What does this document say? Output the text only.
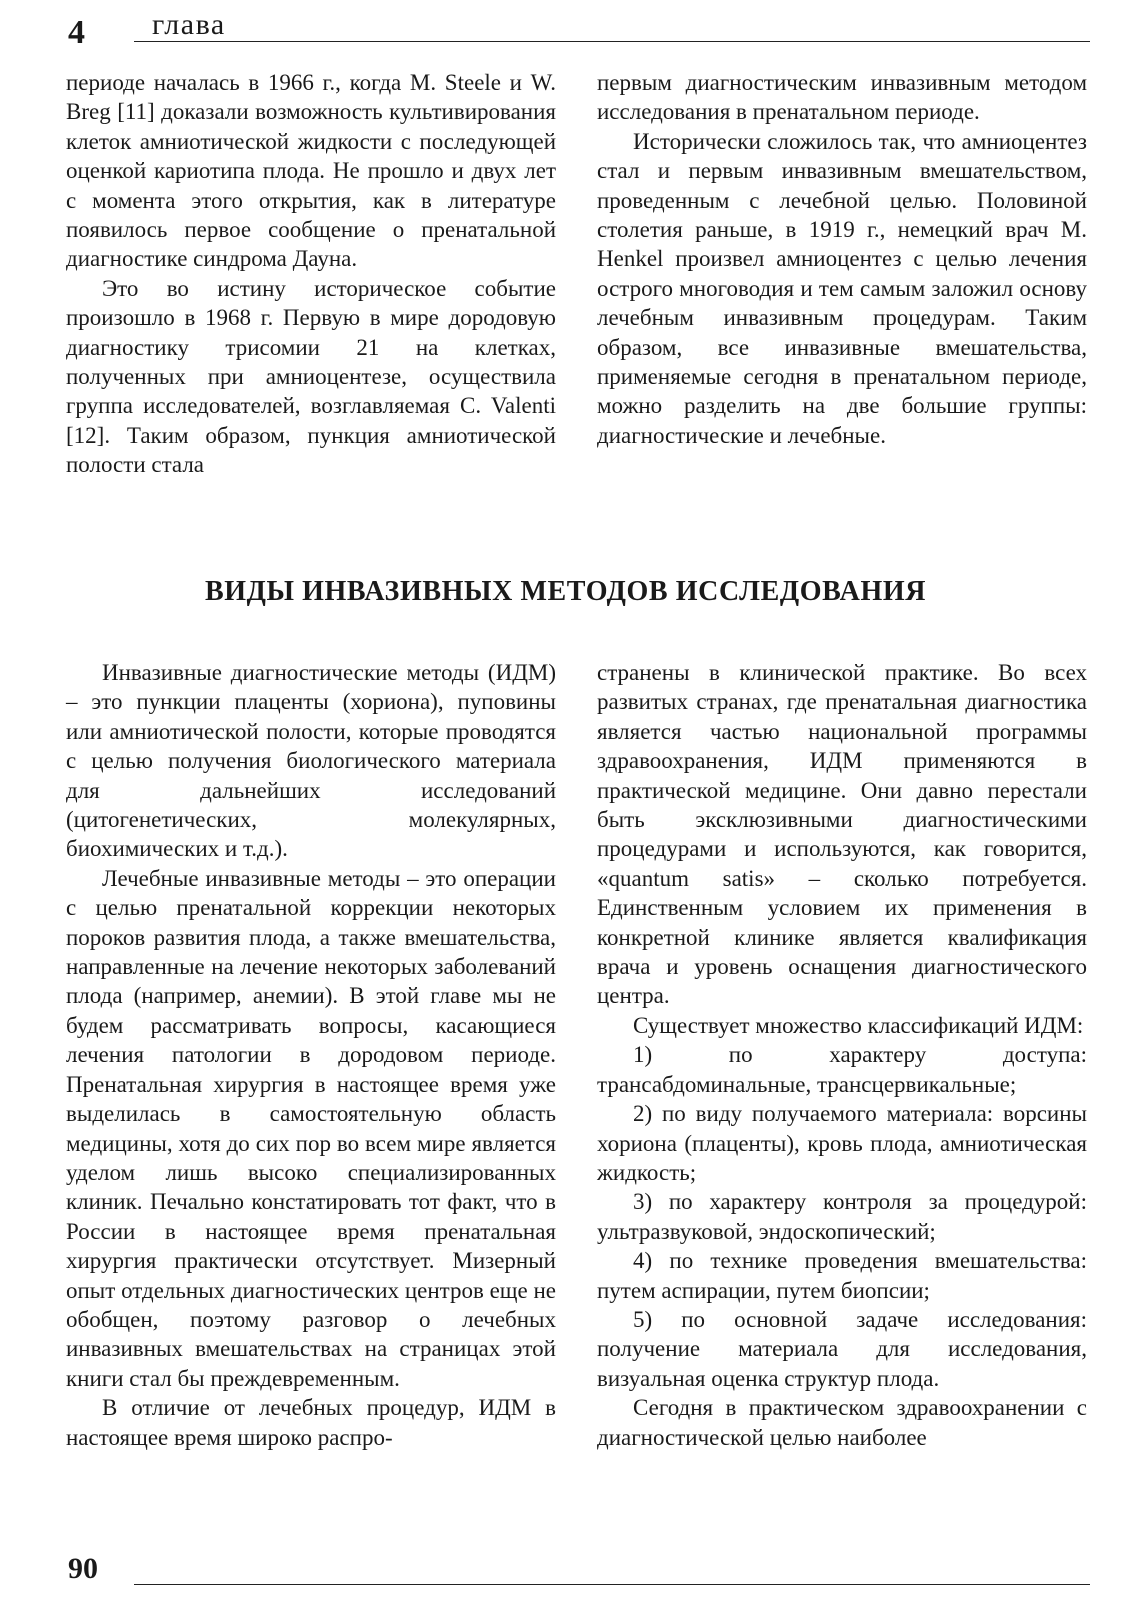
4 глава

периоде началась в 1966 г., когда M. Steele и W. Breg [11] доказали возможность культивирования клеток амниотической жидкости с последующей оценкой кариотипа плода. Не прошло и двух лет с момента этого открытия, как в литературе появилось первое сообщение о пренатальной диагностике синдрома Дауна.

Это во истину историческое событие произошло в 1968 г. Первую в мире дородовую диагностику трисомии 21 на клетках, полученных при амниоцентезе, осуществила группа исследователей, возглавляемая C. Valenti [12]. Таким образом, пункция амниотической полости стала

первым диагностическим инвазивным методом исследования в пренатальном периоде.

Исторически сложилось так, что амниоцентез стал и первым инвазивным вмешательством, проведенным с лечебной целью. Половиной столетия раньше, в 1919 г., немецкий врач M. Henkel произвел амниоцентез с целью лечения острого многоводия и тем самым заложил основу лечебным инвазивным процедурам. Таким образом, все инвазивные вмешательства, применяемые сегодня в пренатальном периоде, можно разделить на две большие группы: диагностические и лечебные.

ВИДЫ ИНВАЗИВНЫХ МЕТОДОВ ИССЛЕДОВАНИЯ

Инвазивные диагностические методы (ИДМ) – это пункции плаценты (хориона), пуповины или амниотической полости, которые проводятся с целью получения биологического материала для дальнейших исследований (цитогенетических, молекулярных, биохимических и т.д.).

Лечебные инвазивные методы – это операции с целью пренатальной коррекции некоторых пороков развития плода, а также вмешательства, направленные на лечение некоторых заболеваний плода (например, анемии). В этой главе мы не будем рассматривать вопросы, касающиеся лечения патологии в дородовом периоде. Пренатальная хирургия в настоящее время уже выделилась в самостоятельную область медицины, хотя до сих пор во всем мире является уделом лишь высоко специализированных клиник. Печально констатировать тот факт, что в России в настоящее время пренатальная хирургия практически отсутствует. Мизерный опыт отдельных диагностических центров еще не обобщен, поэтому разговор о лечебных инвазивных вмешательствах на страницах этой книги стал бы преждевременным.

В отличие от лечебных процедур, ИДМ в настоящее время широко распро-

странены в клинической практике. Во всех развитых странах, где пренатальная диагностика является частью национальной программы здравоохранения, ИДМ применяются в практической медицине. Они давно перестали быть эксклюзивными диагностическими процедурами и используются, как говорится, «quantum satis» – сколько потребуется. Единственным условием их применения в конкретной клинике является квалификация врача и уровень оснащения диагностического центра.

Существует множество классификаций ИДМ:

1) по характеру доступа: трансабдоминальные, трансцервикальные;

2) по виду получаемого материала: ворсины хориона (плаценты), кровь плода, амниотическая жидкость;

3) по характеру контроля за процедурой: ультразвуковой, эндоскопический;

4) по технике проведения вмешательства: путем аспирации, путем биопсии;

5) по основной задаче исследования: получение материала для исследования, визуальная оценка структур плода.

Сегодня в практическом здравоохранении с диагностической целью наиболее

90
